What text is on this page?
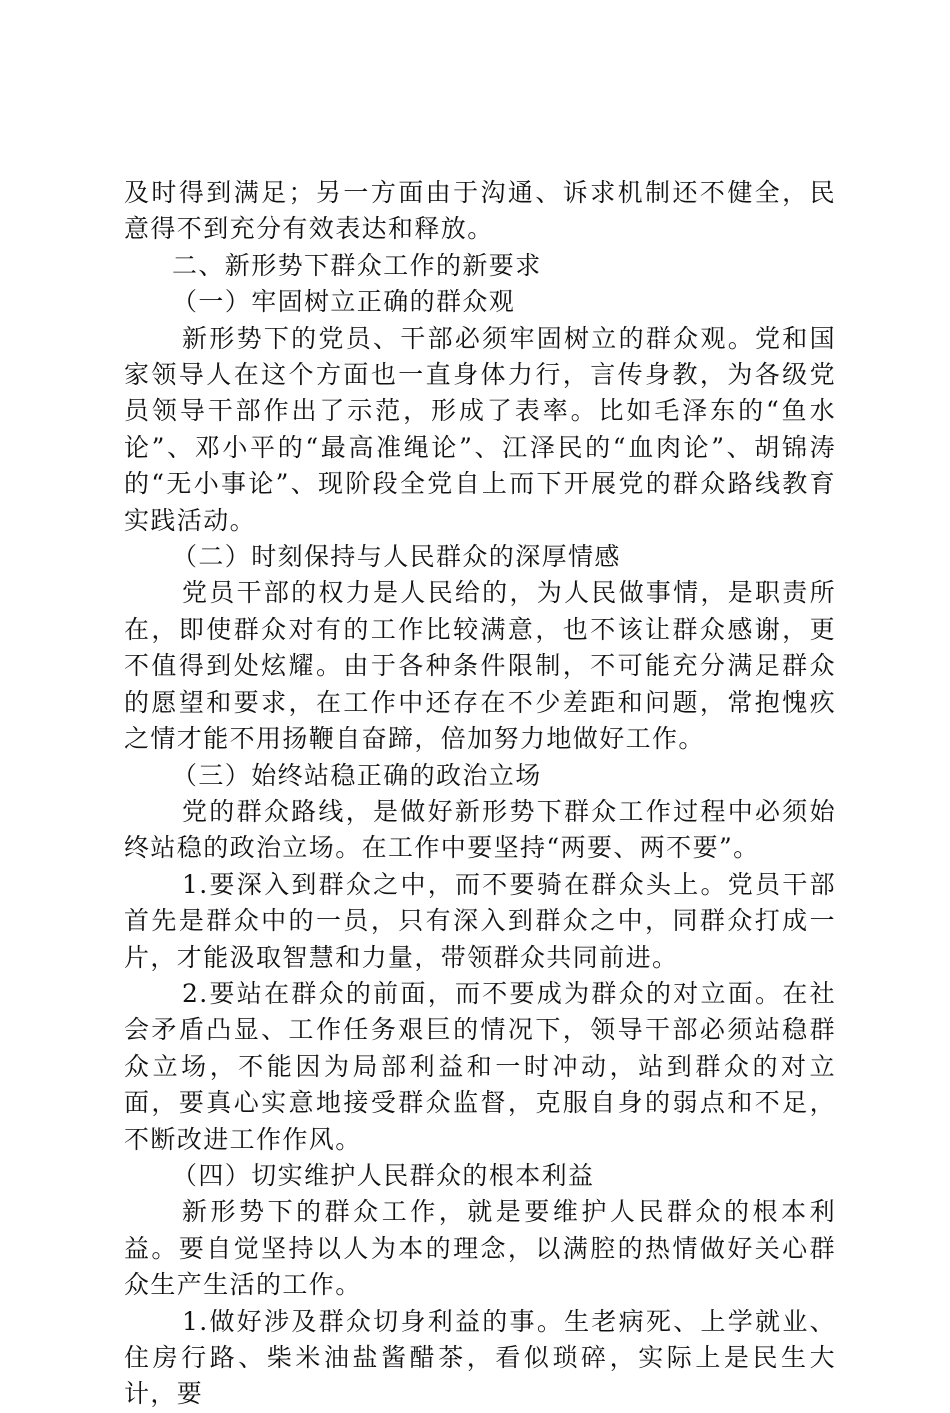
及时得到满足；另一方面由于沟通、诉求机制还不健全，民意得不到充分有效表达和释放。

二、新形势下群众工作的新要求

（一）牢固树立正确的群众观

新形势下的党员、干部必须牢固树立的群众观。党和国家领导人在这个方面也一直身体力行，言传身教，为各级党员领导干部作出了示范，形成了表率。比如毛泽东的“鱼水论”、邓小平的“最高准绳论”、江泽民的“血肉论”、胡锦涛的“无小事论”、现阶段全党自上而下开展党的群众路线教育实践活动。

（二）时刻保持与人民群众的深厚情感

党员干部的权力是人民给的，为人民做事情，是职责所在，即使群众对有的工作比较满意，也不该让群众感谢，更不值得到处炫耀。由于各种条件限制，不可能充分满足群众的愿望和要求，在工作中还存在不少差距和问题，常抱愧疚之情才能不用扬鞭自奋蹄，倍加努力地做好工作。

（三）始终站稳正确的政治立场

党的群众路线，是做好新形势下群众工作过程中必须始终站稳的政治立场。在工作中要坚持“两要、两不要”。

1.要深入到群众之中，而不要骑在群众头上。党员干部首先是群众中的一员，只有深入到群众之中，同群众打成一片，才能汲取智慧和力量，带领群众共同前进。

2.要站在群众的前面，而不要成为群众的对立面。在社会矛盾凸显、工作任务艰巨的情况下，领导干部必须站稳群众立场，不能因为局部利益和一时冲动，站到群众的对立面，要真心实意地接受群众监督，克服自身的弱点和不足，不断改进工作作风。

（四）切实维护人民群众的根本利益

新形势下的群众工作，就是要维护人民群众的根本利益。要自觉坚持以人为本的理念，以满腔的热情做好关心群众生产生活的工作。

1.做好涉及群众切身利益的事。生老病死、上学就业、住房行路、柴米油盐酱醋茶，看似琐碎，实际上是民生大计，要
